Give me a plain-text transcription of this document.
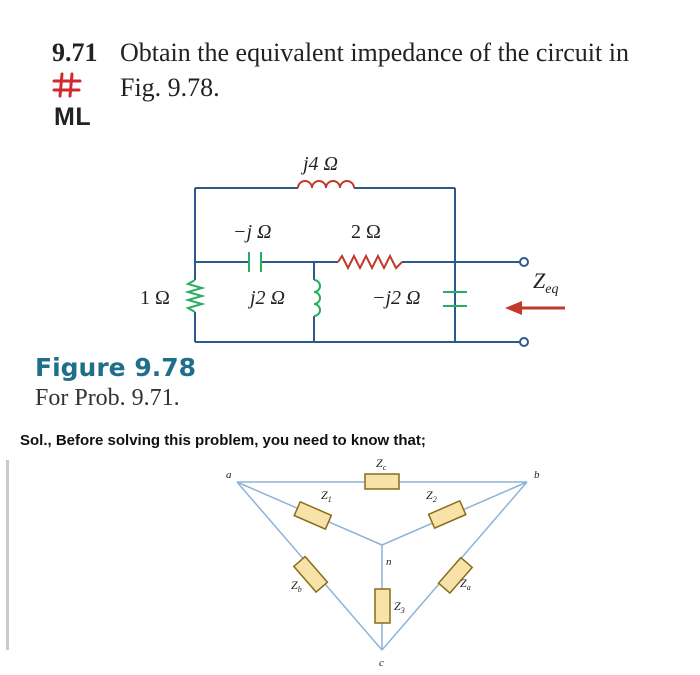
9.71 Obtain the equivalent impedance of the circuit in
Fig. 9.78.
ML
j4 Ω
1 Ω
−j Ω	2 Ω
j2 Ω	−j2 Ω
$Z_{eq}$
Figure 9.78
For Prob. 9.71.
Sol., Before solving this problem, you need to know that;
$Z_c$
$Z_1$	$Z_2$
$Z_3$
$Z_b$	$Z_a$
a	b
n
c
